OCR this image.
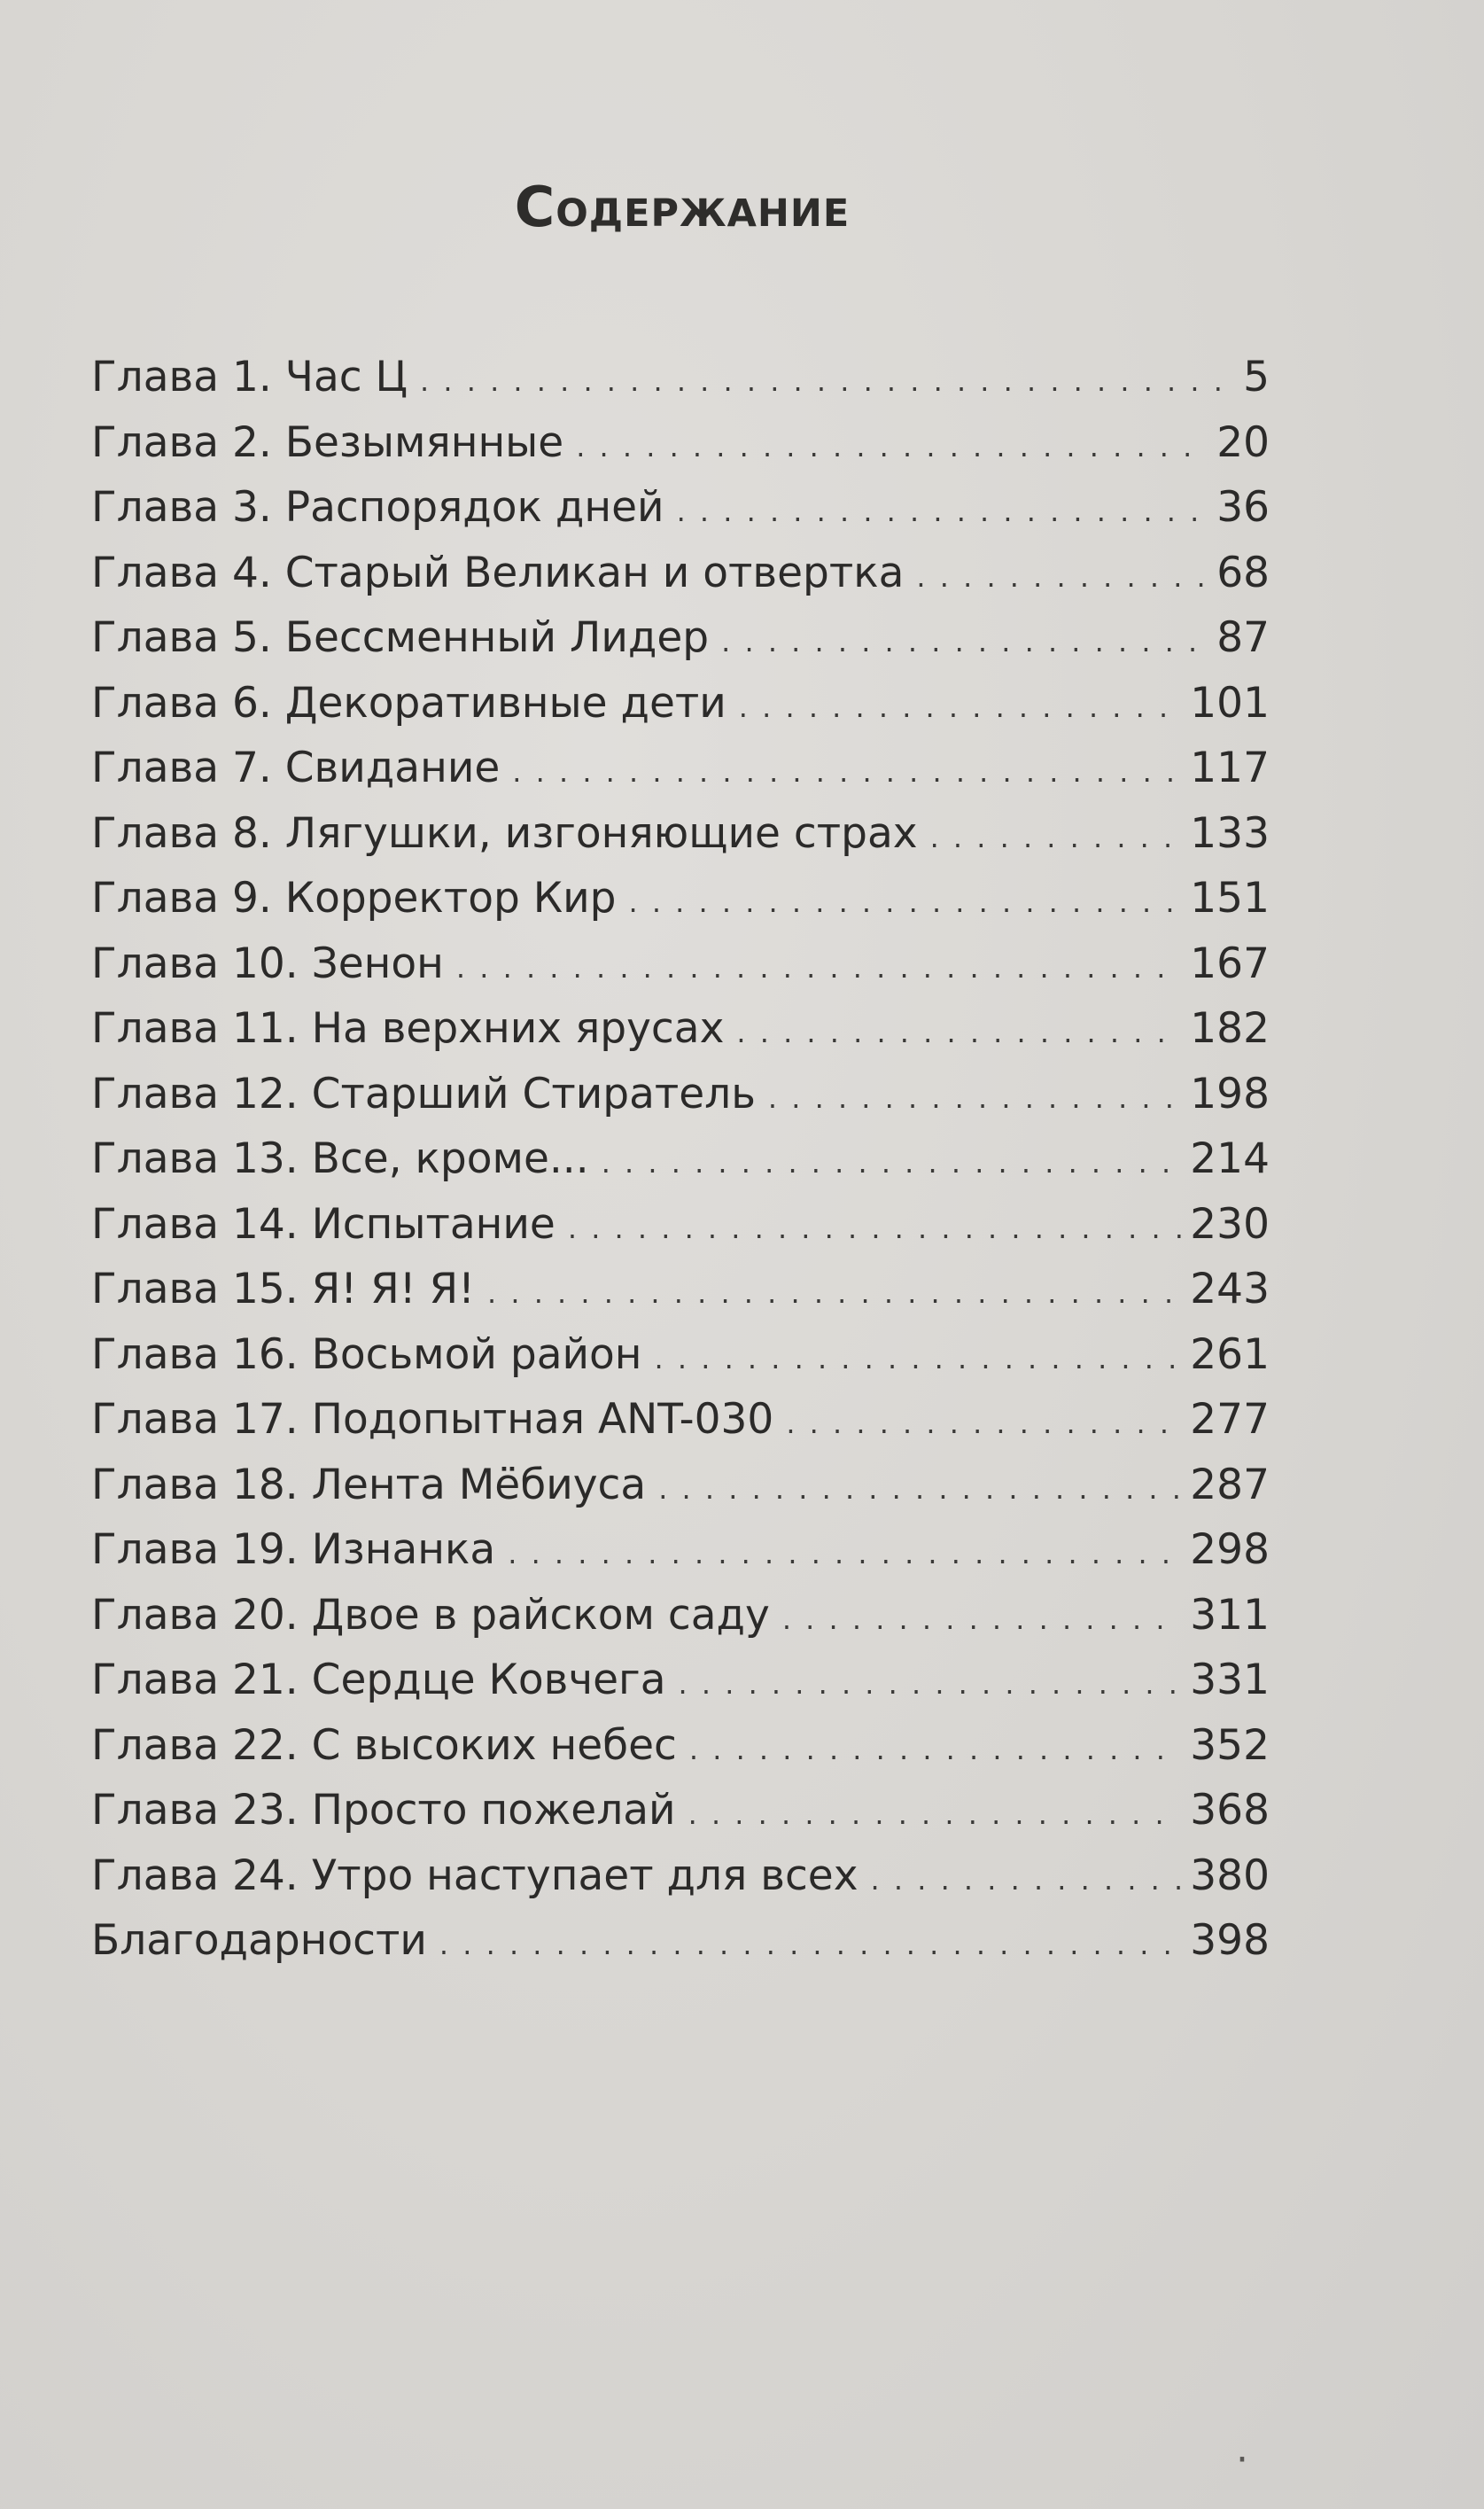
Содержание
Глава 1. Час Ц . . .	5
Глава 2. Безымянные . . .	20
Глава 3. Распорядок дней . . .	36
Глава 4. Старый Великан и отвертка . . .	68
Глава 5. Бессменный Лидер . . .	87
Глава 6. Декоративные дети . . .	101
Глава 7. Свидание . . .	117
Глава 8. Лягушки, изгоняющие страх . . .	133
Глава 9. Корректор Кир . . .	151
Глава 10. Зенон . . .	167
Глава 11. На верхних ярусах . . .	182
Глава 12. Старший Стиратель . . .	198
Глава 13. Все, кроме... . . .	214
Глава 14. Испытание . . .	230
Глава 15. Я! Я! Я! . . .	243
Глава 16. Восьмой район . . .	261
Глава 17. Подопытная ANT-030 . . .	277
Глава 18. Лента Мёбиуса . . .	287
Глава 19. Изнанка . . .	298
Глава 20. Двое в райском саду . . .	311
Глава 21. Сердце Ковчега . . .	331
Глава 22. С высоких небес . . .	352
Глава 23. Просто пожелай . . .	368
Глава 24. Утро наступает для всех . . .	380
Благодарности . . .	398
·
